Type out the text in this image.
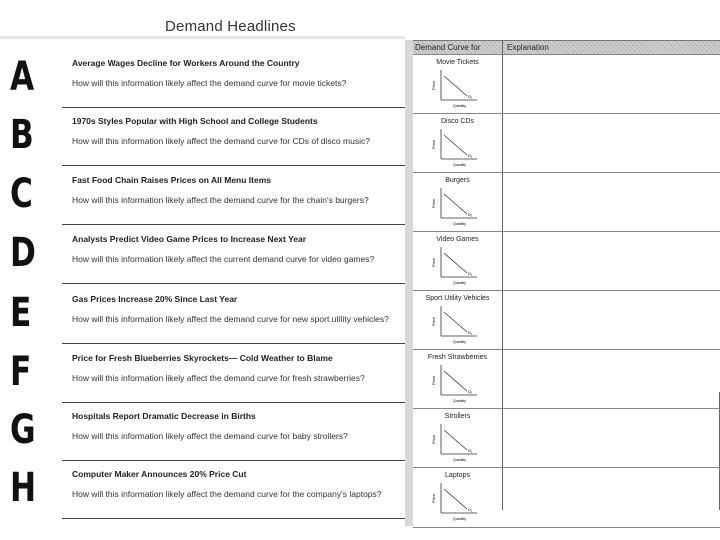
Demand Headlines
A	Average Wages Decline for Workers Around the Country
How will this information likely affect the demand curve for movie tickets?
B	1970s Styles Popular with High School and College Students
How will this information likely affect the demand curve for CDs of disco music?
C	Fast Food Chain Raises Prices on All Menu Items
How will this information likely affect the demand curve for the chain's burgers?
D	Analysts Predict Video Game Prices to Increase Next Year
How will this information likely affect the current demand curve for video games?
E	Gas Prices Increase 20% Since Last Year
How will this information likely affect the demand curve for new sport utility vehicles?
F	Price for Fresh Blueberries Skyrockets— Cold Weather to Blame
How will this information likely affect the demand curve for fresh strawberries?
G	Hospitals Report Dramatic Decrease in Births
How will this information likely affect the demand curve for baby strollers?
H	Computer Maker Announces 20% Price Cut
How will this information likely affect the demand curve for the company's laptops?
Demand Curve for	Explanation
Movie Tickets
Price
D₁
Quantity
Disco CDs
Price
D₁
Quantity
Burgers
Price
D₁
Quantity
Video Games
Price
D₁
Quantity
Sport Utility Vehicles
Price
D₁
Quantity
Fresh Strawberries
Price
D₁
Quantity
Strollers
Price
D₁
Quantity
Laptops
Price
D₁
Quantity
